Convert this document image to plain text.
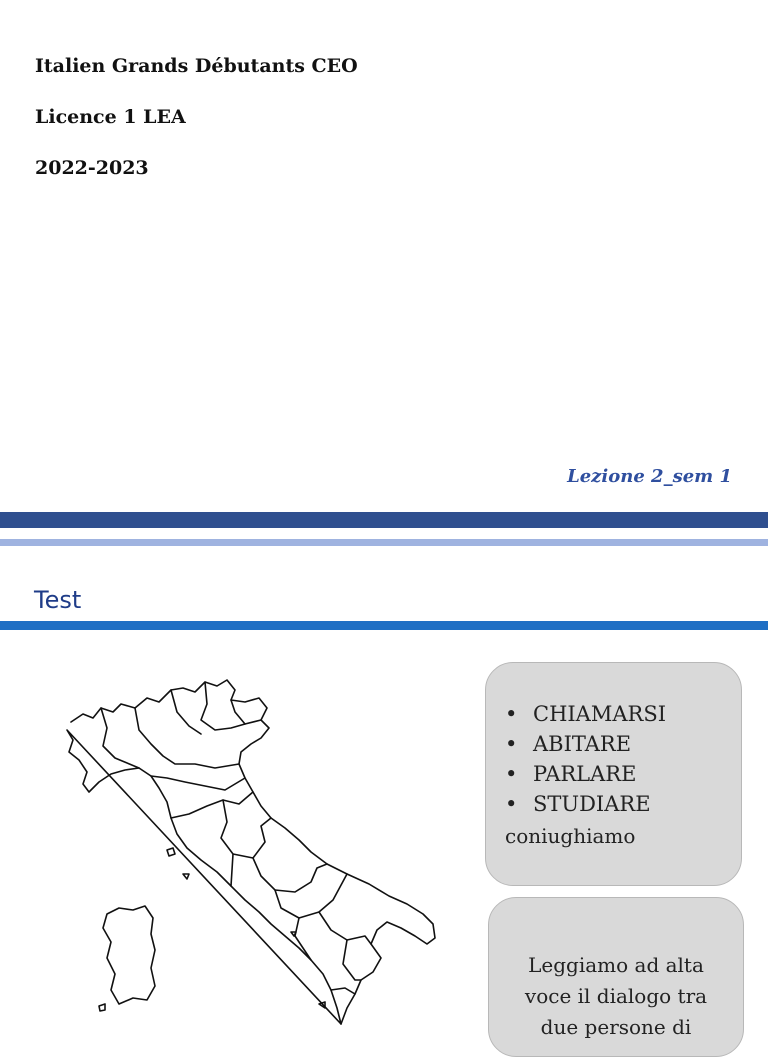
Italien Grands Débutants CEO
Licence 1 LEA
2022-2023
Lezione 2_sem 1
Test
• CHIAMARSI
• ABITARE
• PARLARE
• STUDIARE
coniughiamo
Leggiamo ad alta voce il dialogo tra due persone di
